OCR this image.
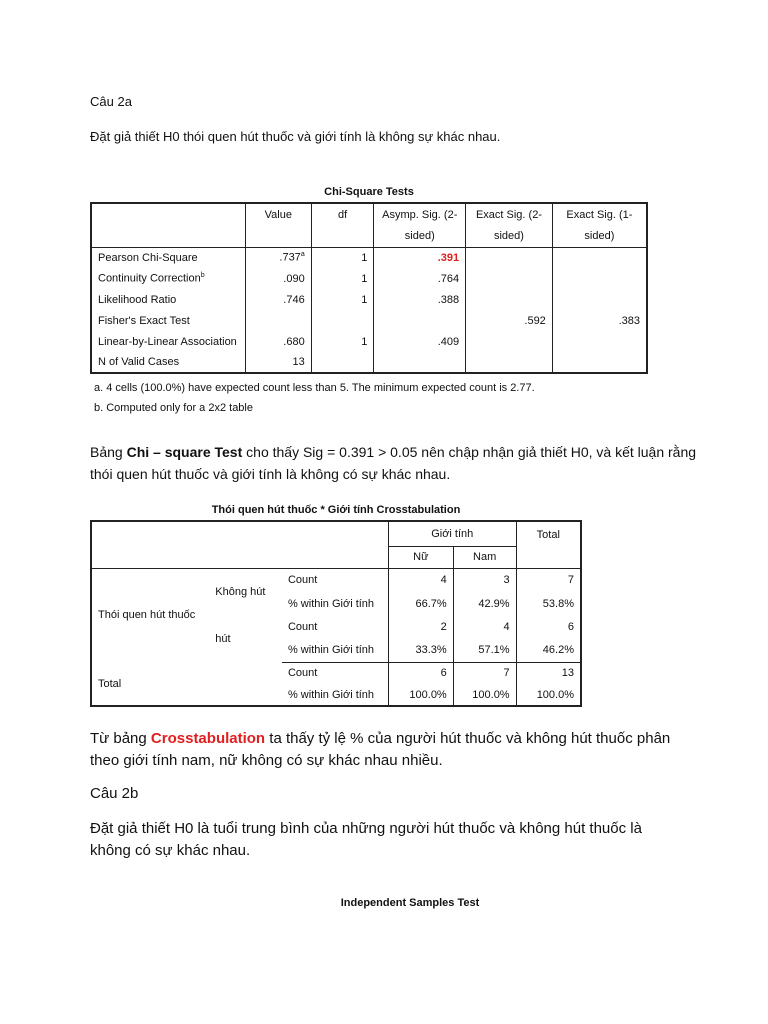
Câu 2a
Đặt giả thiết H0 thói quen hút thuốc và giới tính là không sự khác nhau.
Chi-Square Tests
	Value	df	Asymp. Sig. (2-	Exact Sig. (2-	Exact Sig. (1-
			sided)	sided)	sided)
Pearson Chi-Square	.737$^a$	1	.391		
Continuity Correction$^b$	.090	1	.764		
Likelihood Ratio	.746	1	.388		
Fisher's Exact Test				.592	.383
Linear-by-Linear Association	.680	1	.409		
N of Valid Cases	13				
a. 4 cells (100.0%) have expected count less than 5. The minimum expected count is 2.77.
b. Computed only for a 2x2 table
Bảng Chi – square Test cho thấy Sig = 0.391 > 0.05 nên chập nhận giả thiết H0, và kết luận rằng
thói quen hút thuốc và giới tính là không có sự khác nhau.
Thói quen hút thuốc * Giới tính Crosstabulation
			Giới tính		Total
			Nữ	Nam	
Thói quen hút thuốc	Không hút	Count	4	3	7
		% within Giới tính	66.7%	42.9%	53.8%
	hút	Count	2	4	6
		% within Giới tính	33.3%	57.1%	46.2%
Total		Count	6	7	13
		% within Giới tính	100.0%	100.0%	100.0%
Từ bảng Crosstabulation ta thấy tỷ lệ % của người hút thuốc và không hút thuốc phân
theo giới tính nam, nữ không có sự khác nhau nhiều.
Câu 2b
Đặt giả thiết H0 là tuổi trung bình của những người hút thuốc và không hút thuốc là
không có sự khác nhau.
Independent Samples Test
